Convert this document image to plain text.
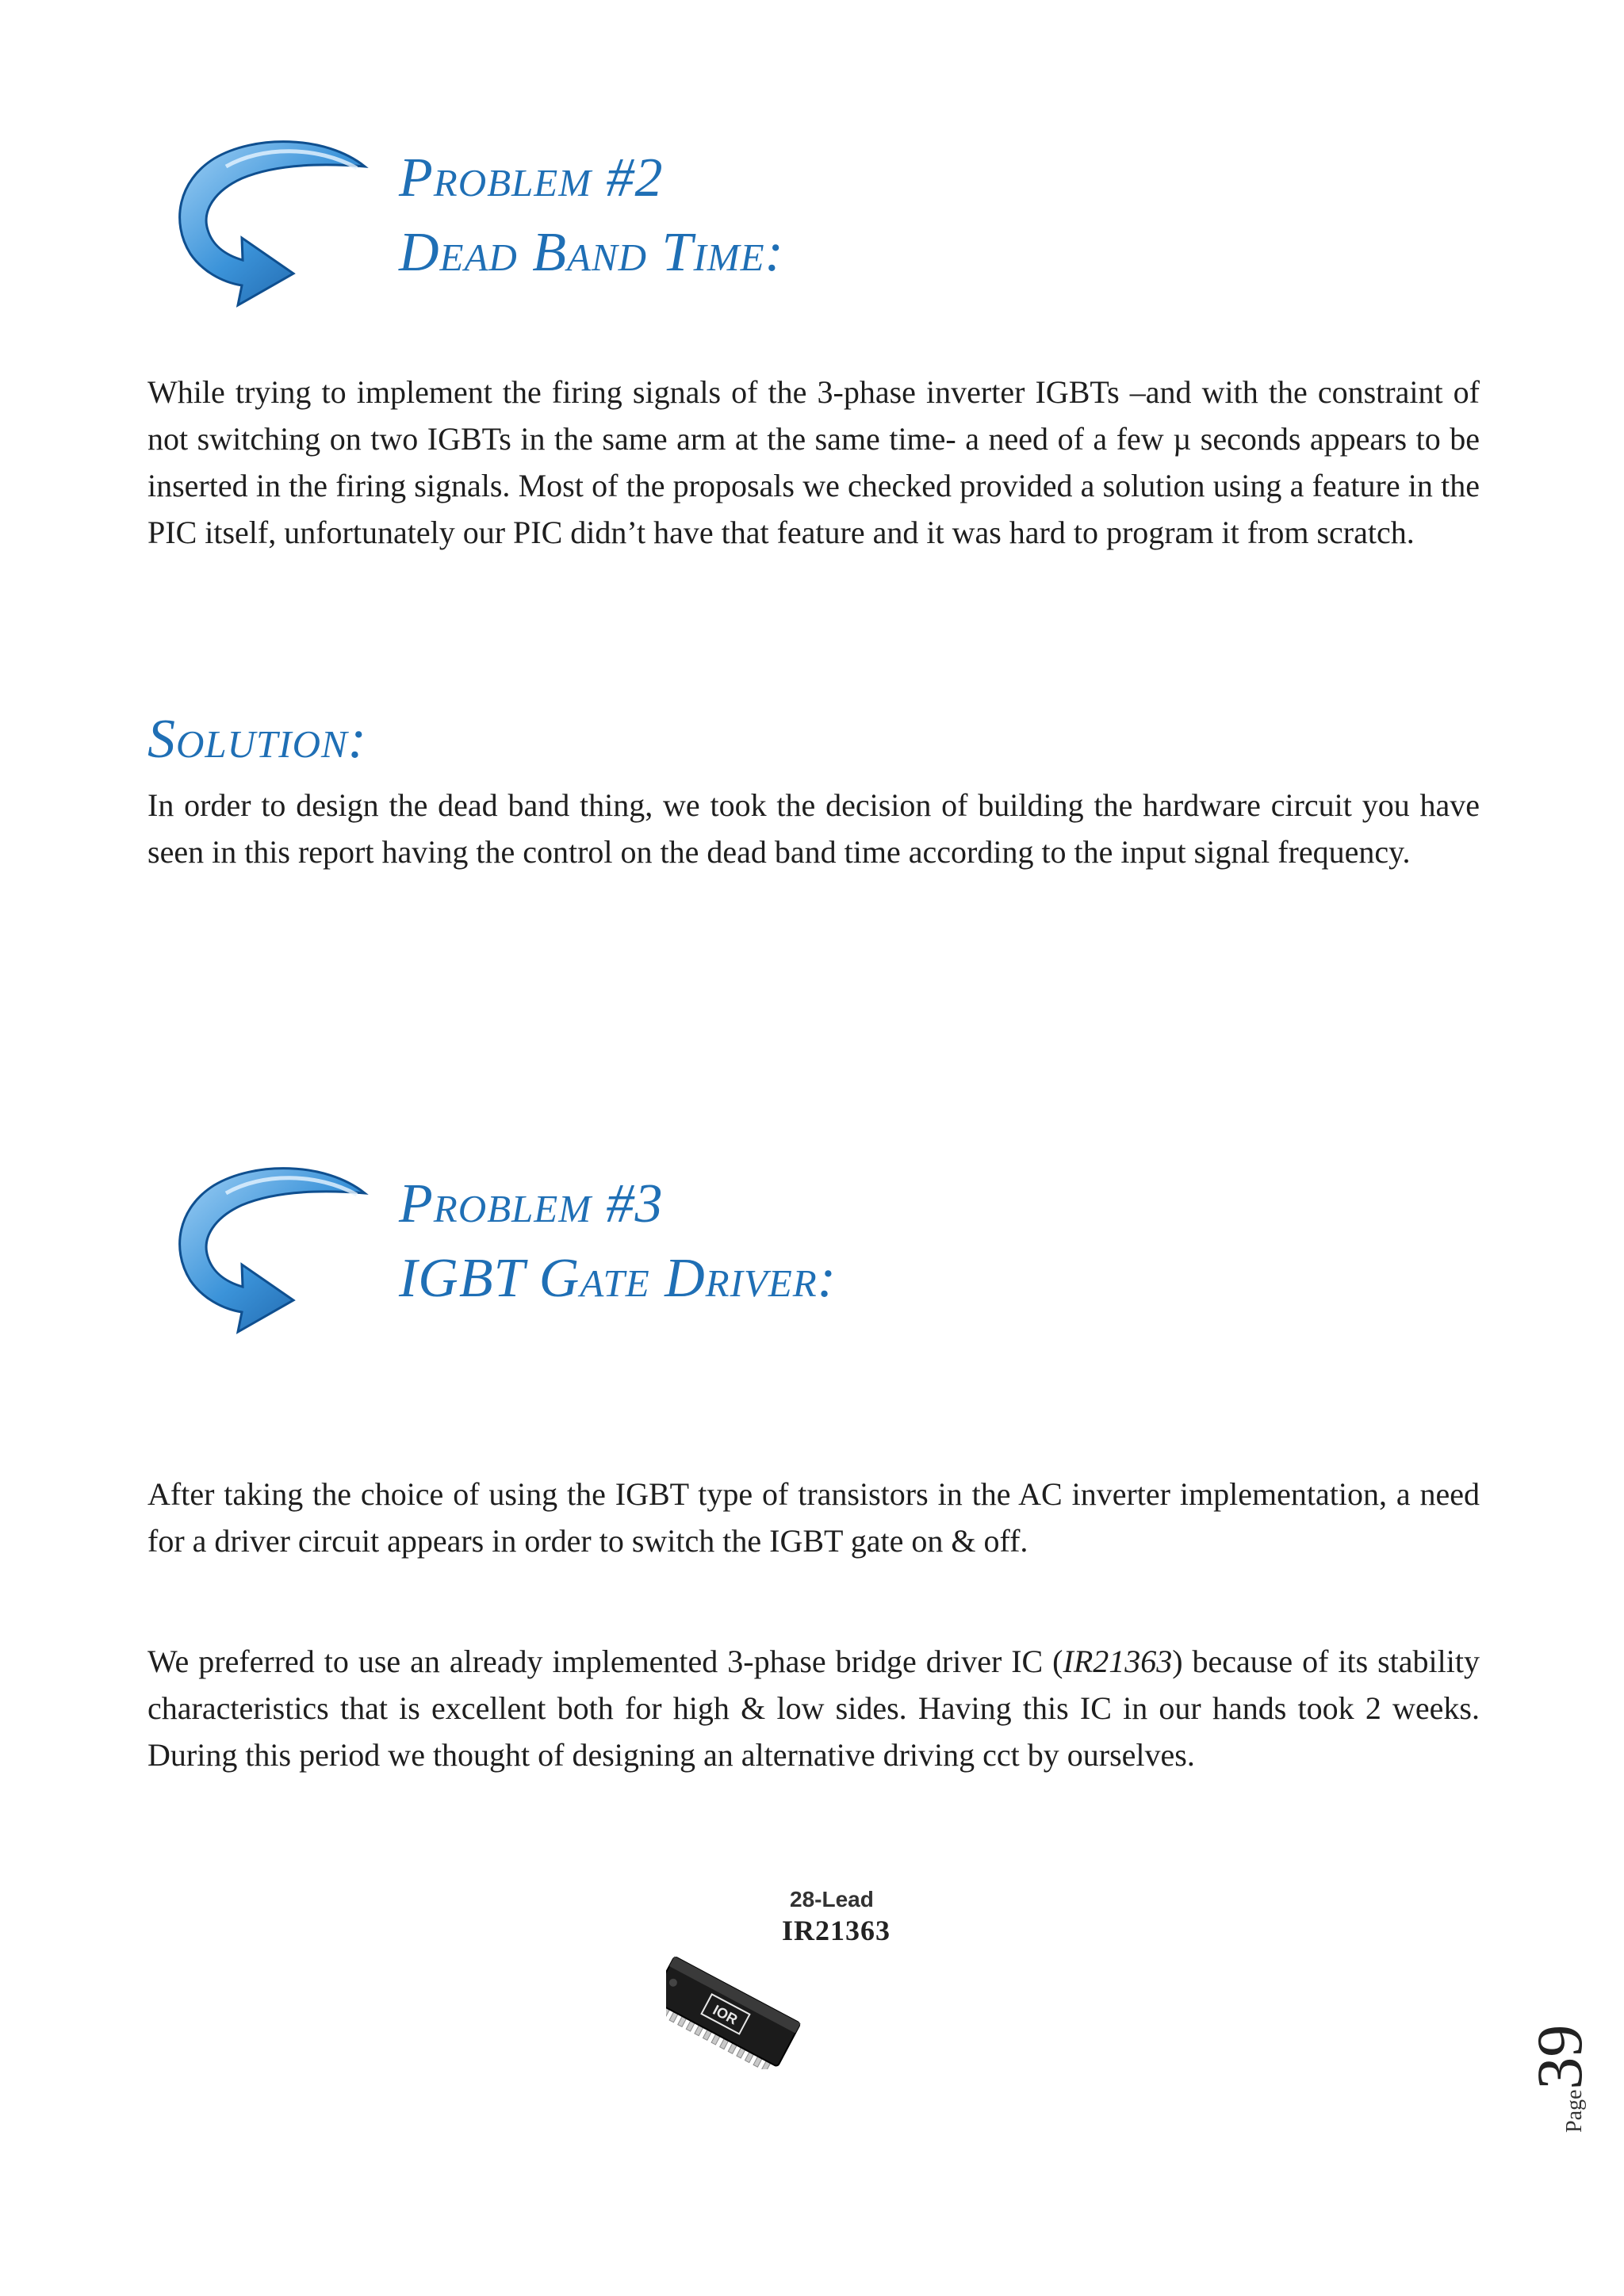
Problem #2
Dead Band Time:

While trying to implement the firing signals of the 3-phase inverter IGBTs –and with the constraint of not switching on two IGBTs in the same arm at the same time- a need of a few µ seconds appears to be inserted in the firing signals. Most of the proposals we checked provided a solution using a feature in the PIC itself, unfortunately our PIC didn’t have that feature and it was hard to program it from scratch.

Solution:

In order to design the dead band thing, we took the decision of building the hardware circuit you have seen in this report having the control on the dead band time according to the input signal frequency.

Problem #3
IGBT Gate Driver:

After taking the choice of using the IGBT type of transistors in the AC inverter implementation, a need for a driver circuit appears in order to switch the IGBT gate on & off.

We preferred to use an already implemented 3-phase bridge driver IC (IR21363) because of its stability characteristics that is excellent both for high & low sides. Having this IC in our hands took 2 weeks. During this period we thought of designing an alternative driving cct by ourselves.

IOR
28-Lead
IR21363
Page39
